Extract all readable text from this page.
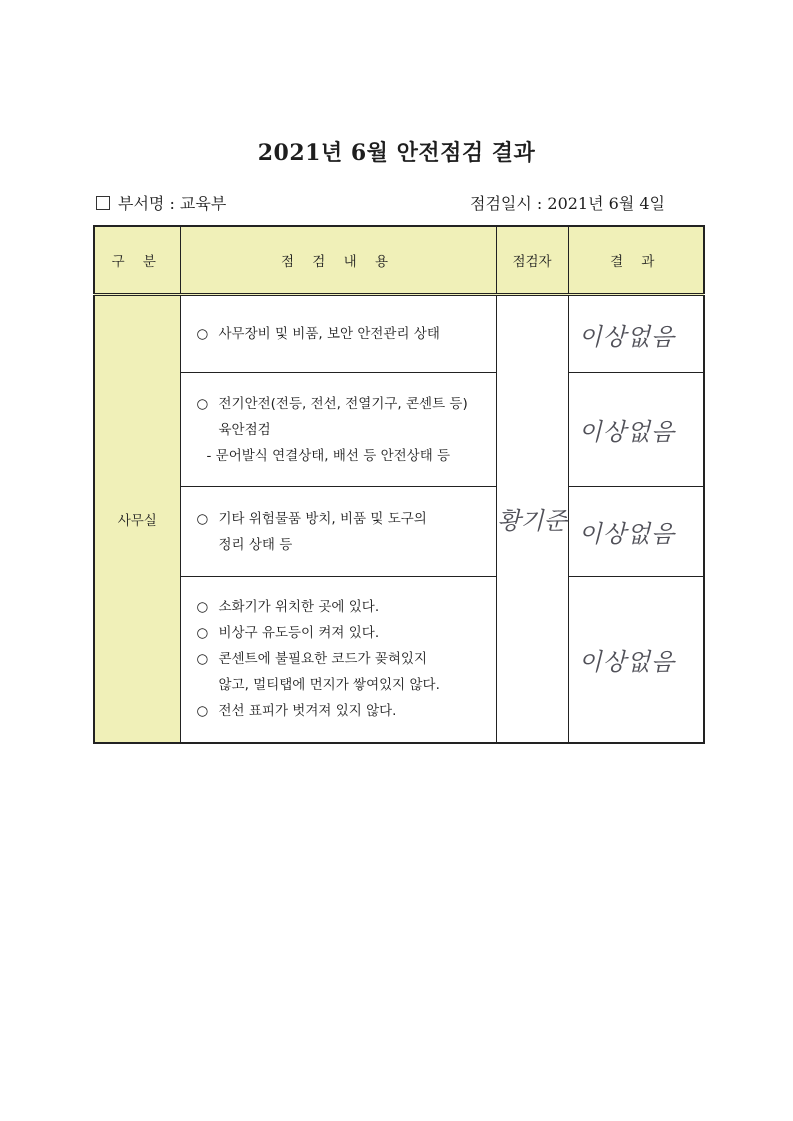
2021년 6월 안전점검 결과
부서명 : 교육부	점검일시 : 2021년 6월 4일
구 분	점 검 내 용	점검자	결 과
사무실	○ 사무장비 및 비품, 보안 안전관리 상태	황기준	이상없음

	○ 전기안전(전등, 전선, 전열기구, 콘센트 등)
육안점검
- 문어발식 연결상태, 배선 등 안전상태 등		이상없음

	○ 기타 위험물품 방치, 비품 및 도구의
정리 상태 등		이상없음

	○ 소화기가 위치한 곳에 있다.
○ 비상구 유도등이 켜져 있다.
○ 콘센트에 불필요한 코드가 꽂혀있지
않고, 멀티탭에 먼지가 쌓여있지 않다.
○ 전선 표피가 벗겨져 있지 않다.		이상없음
